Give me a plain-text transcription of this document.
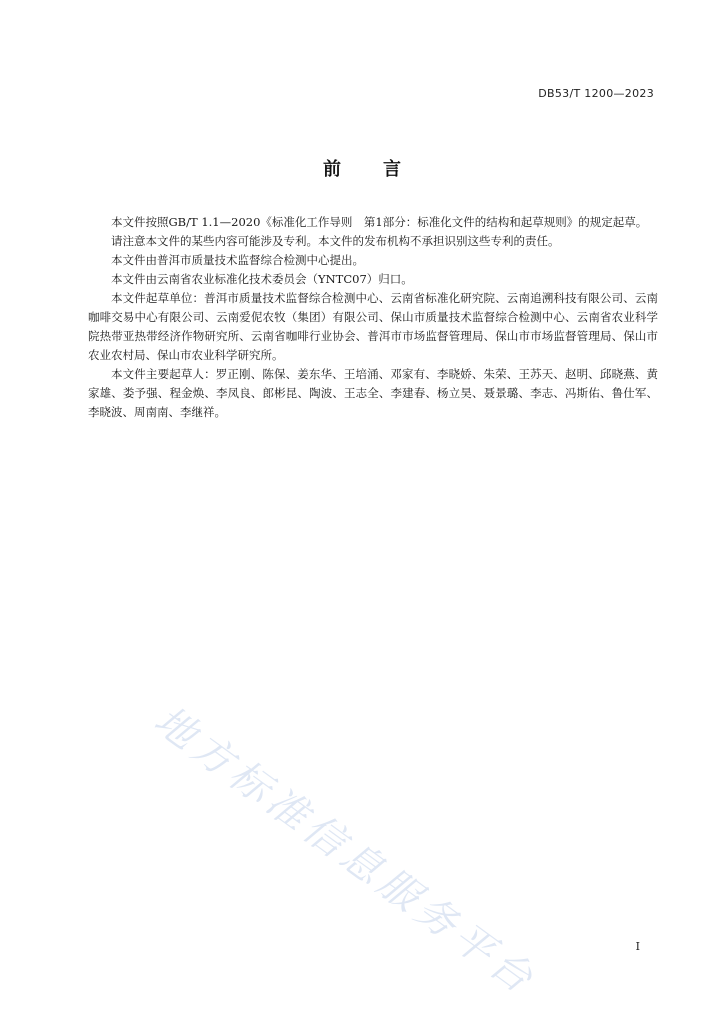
DB53/T 1200—2023
前言

本文件按照GB/T 1.1—2020《标准化工作导则　第1部分：标准化文件的结构和起草规则》的规定起草。

请注意本文件的某些内容可能涉及专利。本文件的发布机构不承担识别这些专利的责任。

本文件由普洱市质量技术监督综合检测中心提出。

本文件由云南省农业标准化技术委员会（YNTC07）归口。

本文件起草单位：普洱市质量技术监督综合检测中心、云南省标准化研究院、云南追溯科技有限公司、云南咖啡交易中心有限公司、云南爱伲农牧（集团）有限公司、保山市质量技术监督综合检测中心、云南省农业科学院热带亚热带经济作物研究所、云南省咖啡行业协会、普洱市市场监督管理局、保山市市场监督管理局、保山市农业农村局、保山市农业科学研究所。

本文件主要起草人：罗正刚、陈保、姜东华、王培涌、邓家有、李晓娇、朱荣、王苏天、赵明、邱晓燕、黄家雄、娄予强、程金焕、李凤良、郎彬昆、陶波、王志全、李建春、杨立昊、聂景璐、李志、冯斯佑、鲁仕军、李晓波、周南南、李继祥。

地方标准信息服务平台	I
